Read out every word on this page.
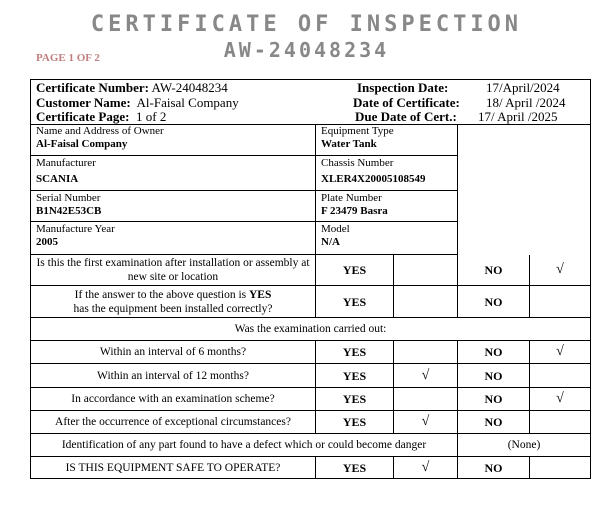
CERTIFICATE OF INSPECTION
AW-24048234
PAGE 1 OF 2
Certificate Number: AW-24048234
Customer Name: Al-Faisal Company
Certificate Page: 1 of 2
Inspection Date:	17/April/2024
Date of Certificate: 18/ April /2024
Due Date of Cert.: 17/ April /2025
Name and Address of Owner
Al-Faisal Company
Equipment Type
Water Tank
Manufacturer
SCANIA
Chassis Number
XLER4X20005108549
Serial Number
B1N42E53CB
Plate Number
F 23479 Basra
Manufacture Year
2005
Model
N/A
Is this the first examination after installation or assembly at new site or location	YES	NO	√
If the answer to the above question is YES
has the equipment been installed correctly?	YES	NO
Was the examination carried out:
Within an interval of 6 months?	YES	NO	√
Within an interval of 12 months?	YES	√	NO
In accordance with an examination scheme?	YES	NO	√
After the occurrence of exceptional circumstances?	YES	√	NO
Identification of any part found to have a defect which or could become danger	(None)
IS THIS EQUIPMENT SAFE TO OPERATE?	YES	√	NO
